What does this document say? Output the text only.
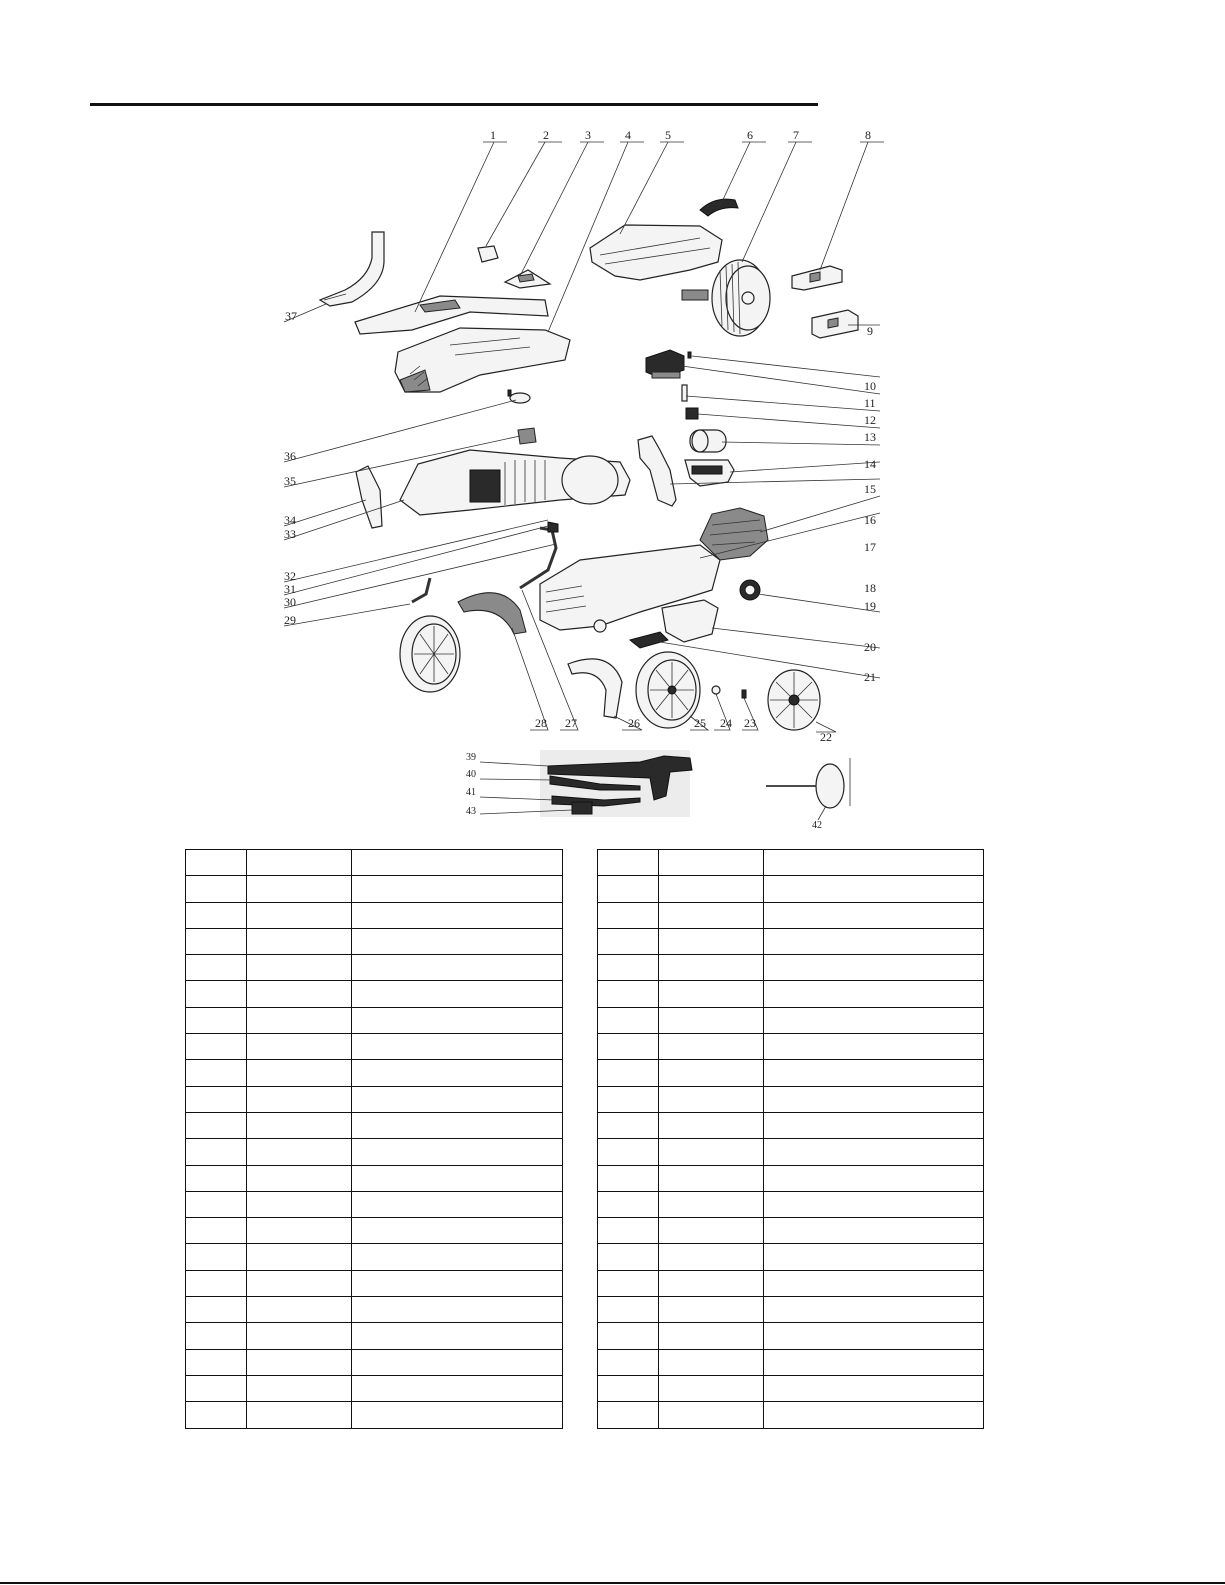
1	2	3	4	5	6	7	8
9
10
11
12
13
14
15
16
17
18
19
20
21
22
23
24
25
26
27
28
29
30
31
32
33
34
35
36
37
39
40
41
42
43
